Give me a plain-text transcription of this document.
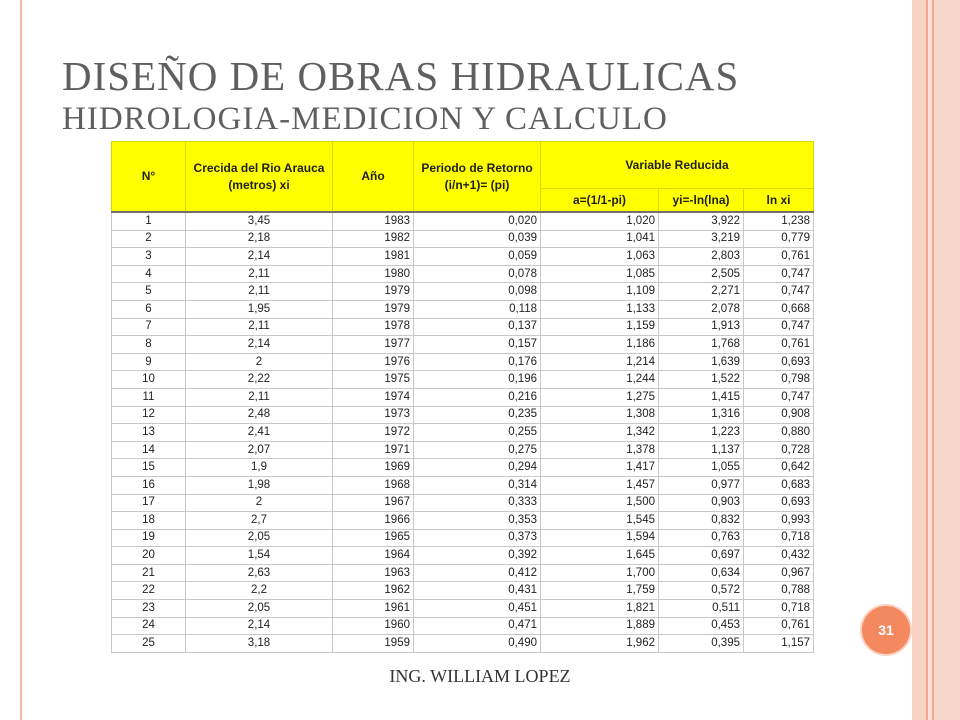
DISEÑO DE OBRAS HIDRAULICAS
HIDROLOGIA-MEDICION Y CALCULO
N°	Crecida del Rio Arauca (metros) xi	Año	Periodo de Retorno (i/n+1)= (pi)	Variable Reducida		
				a=(1/1-pi)	yi=-ln(lna)	ln xi
1	3,45	1983	0,020	1,020	3,922	1,238
2	2,18	1982	0,039	1,041	3,219	0,779
3	2,14	1981	0,059	1,063	2,803	0,761
4	2,11	1980	0,078	1,085	2,505	0,747
5	2,11	1979	0,098	1,109	2,271	0,747
6	1,95	1979	0,118	1,133	2,078	0,668
7	2,11	1978	0,137	1,159	1,913	0,747
8	2,14	1977	0,157	1,186	1,768	0,761
9	2	1976	0,176	1,214	1,639	0,693
10	2,22	1975	0,196	1,244	1,522	0,798
11	2,11	1974	0,216	1,275	1,415	0,747
12	2,48	1973	0,235	1,308	1,316	0,908
13	2,41	1972	0,255	1,342	1,223	0,880
14	2,07	1971	0,275	1,378	1,137	0,728
15	1,9	1969	0,294	1,417	1,055	0,642
16	1,98	1968	0,314	1,457	0,977	0,683
17	2	1967	0,333	1,500	0,903	0,693
18	2,7	1966	0,353	1,545	0,832	0,993
19	2,05	1965	0,373	1,594	0,763	0,718
20	1,54	1964	0,392	1,645	0,697	0,432
21	2,63	1963	0,412	1,700	0,634	0,967
22	2,2	1962	0,431	1,759	0,572	0,788
23	2,05	1961	0,451	1,821	0,511	0,718
24	2,14	1960	0,471	1,889	0,453	0,761
25	3,18	1959	0,490	1,962	0,395	1,157
ING. WILLIAM LOPEZ
31
